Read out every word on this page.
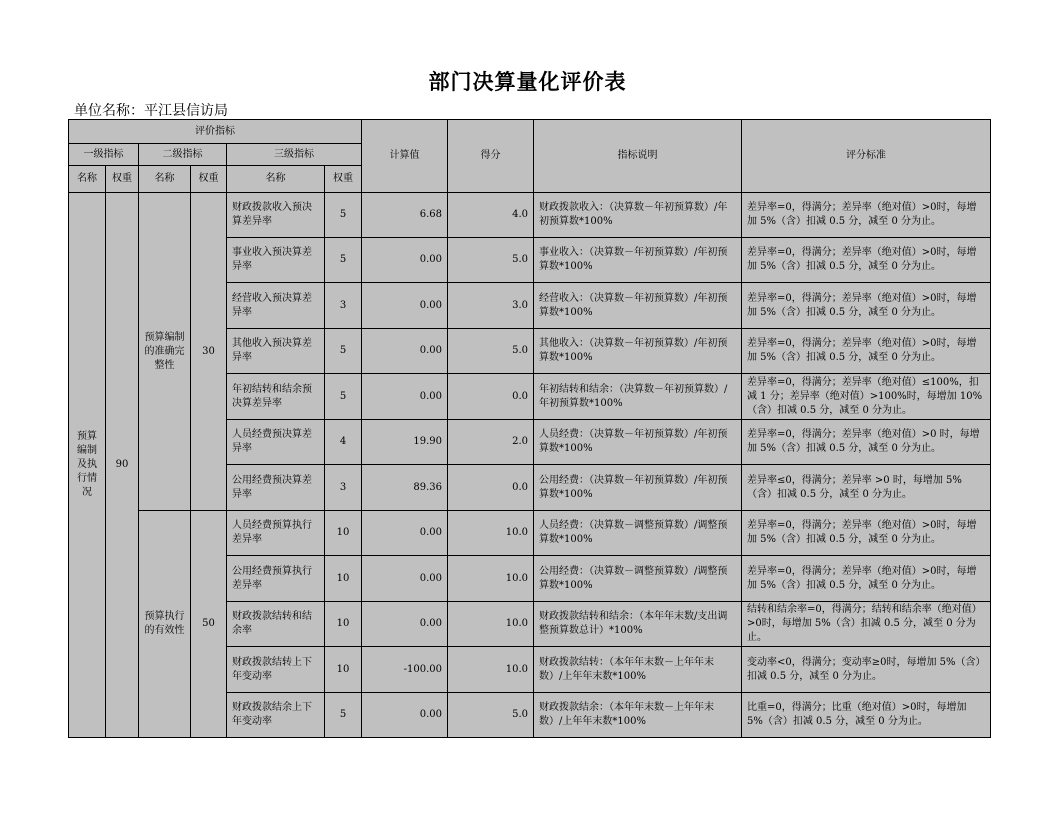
部门决算量化评价表
单位名称：平江县信访局
评价指标						计算值	得分	指标说明	评分标准
一级指标		二级指标		三级指标					
名称	权重	名称	权重	名称	权重				
预算编制及执行情况	90	预算编制的准确完整性	30	财政拨款收入预决算差异率	5	6.68	4.0	财政拨款收入：（决算数－年初预算数）/年初预算数*100%	差异率=0，得满分；差异率（绝对值）>0时，每增加 5%（含）扣减 0.5 分，减至 0 分为止。
				事业收入预决算差异率	5	0.00	5.0	事业收入：（决算数－年初预算数）/年初预算数*100%	差异率=0，得满分；差异率（绝对值）>0时，每增加 5%（含）扣减 0.5 分，减至 0 分为止。
				经营收入预决算差异率	3	0.00	3.0	经营收入：（决算数－年初预算数）/年初预算数*100%	差异率=0，得满分；差异率（绝对值）>0时，每增加 5%（含）扣减 0.5 分，减至 0 分为止。
				其他收入预决算差异率	5	0.00	5.0	其他收入：（决算数－年初预算数）/年初预算数*100%	差异率=0，得满分；差异率（绝对值）>0时，每增加 5%（含）扣减 0.5 分，减至 0 分为止。
				年初结转和结余预决算差异率	5	0.00	0.0	年初结转和结余：（决算数－年初预算数）/年初预算数*100%	差异率=0，得满分；差异率（绝对值）≤100%，扣减 1 分；差异率（绝对值）>100%时，每增加 10%（含）扣减 0.5 分，减至 0 分为止。
				人员经费预决算差异率	4	19.90	2.0	人员经费：（决算数－年初预算数）/年初预算数*100%	差异率=0，得满分；差异率（绝对值）>0 时，每增加 5%（含）扣减 0.5 分，减至 0 分为止。
				公用经费预决算差异率	3	89.36	0.0	公用经费：（决算数－年初预算数）/年初预算数*100%	差异率≤0，得满分；差异率 >0 时，每增加 5%（含）扣减 0.5 分，减至 0 分为止。
		预算执行的有效性	50	人员经费预算执行差异率	10	0.00	10.0	人员经费：（决算数－调整预算数）/调整预算数*100%	差异率=0，得满分；差异率（绝对值）>0时，每增加 5%（含）扣减 0.5 分，减至 0 分为止。
				公用经费预算执行差异率	10	0.00	10.0	公用经费：（决算数－调整预算数）/调整预算数*100%	差异率=0，得满分；差异率（绝对值）>0时，每增加 5%（含）扣减 0.5 分，减至 0 分为止。
				财政拨款结转和结余率	10	0.00	10.0	财政拨款结转和结余：（本年年末数/支出调整预算数总计）*100%	结转和结余率=0，得满分；结转和结余率（绝对值）>0时，每增加 5%（含）扣减 0.5 分，减至 0 分为止。
				财政拨款结转上下年变动率	10	-100.00	10.0	财政拨款结转：（本年年末数－上年年末数）/上年年末数*100%	变动率<0，得满分；变动率≥0时，每增加 5%（含）扣减 0.5 分，减至 0 分为止。
				财政拨款结余上下年变动率	5	0.00	5.0	财政拨款结余：（本年年末数－上年年末数）/上年年末数*100%	比重=0，得满分；比重（绝对值）>0时，每增加 5%（含）扣减 0.5 分，减至 0 分为止。
